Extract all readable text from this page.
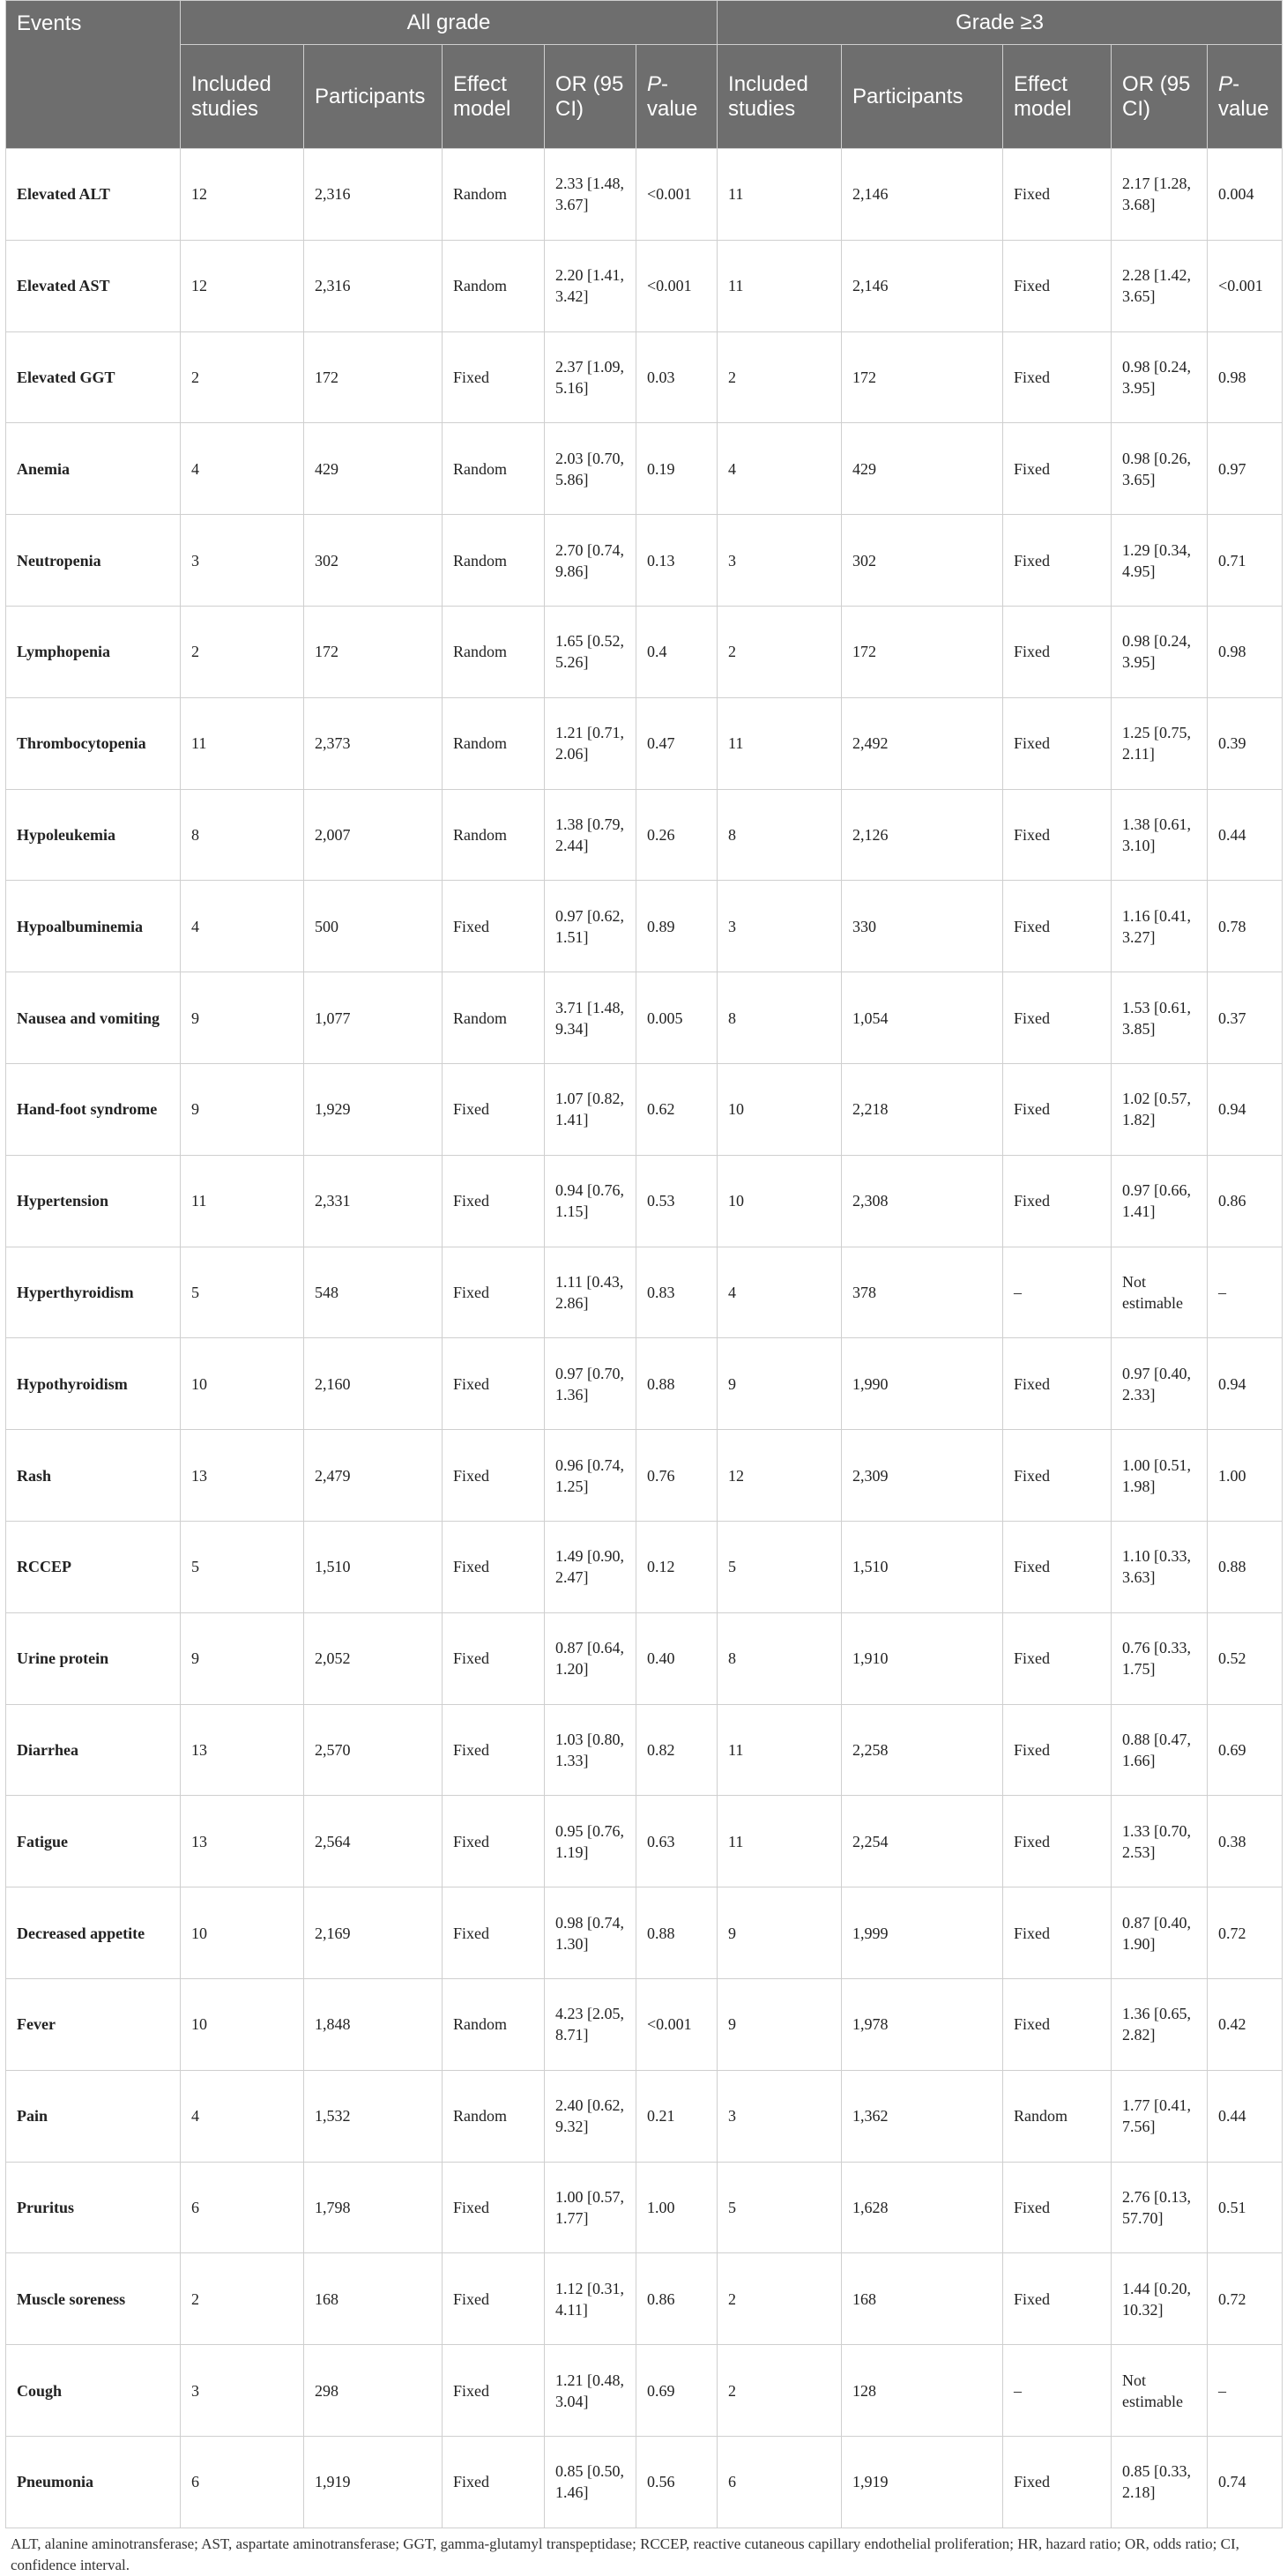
Events	All grade					Grade ≥3				
	Included studies	Participants	Effect model	OR (95 CI)	P-value	Included studies	Participants	Effect model	OR (95 CI)	P-value
Elevated ALT	12	2,316	Random	2.33 [1.48, 3.67]	<0.001	11	2,146	Fixed	2.17 [1.28, 3.68]	0.004
Elevated AST	12	2,316	Random	2.20 [1.41, 3.42]	<0.001	11	2,146	Fixed	2.28 [1.42, 3.65]	<0.001
Elevated GGT	2	172	Fixed	2.37 [1.09, 5.16]	0.03	2	172	Fixed	0.98 [0.24, 3.95]	0.98
Anemia	4	429	Random	2.03 [0.70, 5.86]	0.19	4	429	Fixed	0.98 [0.26, 3.65]	0.97
Neutropenia	3	302	Random	2.70 [0.74, 9.86]	0.13	3	302	Fixed	1.29 [0.34, 4.95]	0.71
Lymphopenia	2	172	Random	1.65 [0.52, 5.26]	0.4	2	172	Fixed	0.98 [0.24, 3.95]	0.98
Thrombocytopenia	11	2,373	Random	1.21 [0.71, 2.06]	0.47	11	2,492	Fixed	1.25 [0.75, 2.11]	0.39
Hypoleukemia	8	2,007	Random	1.38 [0.79, 2.44]	0.26	8	2,126	Fixed	1.38 [0.61, 3.10]	0.44
Hypoalbuminemia	4	500	Fixed	0.97 [0.62, 1.51]	0.89	3	330	Fixed	1.16 [0.41, 3.27]	0.78
Nausea and vomiting	9	1,077	Random	3.71 [1.48, 9.34]	0.005	8	1,054	Fixed	1.53 [0.61, 3.85]	0.37
Hand-foot syndrome	9	1,929	Fixed	1.07 [0.82, 1.41]	0.62	10	2,218	Fixed	1.02 [0.57, 1.82]	0.94
Hypertension	11	2,331	Fixed	0.94 [0.76, 1.15]	0.53	10	2,308	Fixed	0.97 [0.66, 1.41]	0.86
Hyperthyroidism	5	548	Fixed	1.11 [0.43, 2.86]	0.83	4	378	–	Not estimable	–
Hypothyroidism	10	2,160	Fixed	0.97 [0.70, 1.36]	0.88	9	1,990	Fixed	0.97 [0.40, 2.33]	0.94
Rash	13	2,479	Fixed	0.96 [0.74, 1.25]	0.76	12	2,309	Fixed	1.00 [0.51, 1.98]	1.00
RCCEP	5	1,510	Fixed	1.49 [0.90, 2.47]	0.12	5	1,510	Fixed	1.10 [0.33, 3.63]	0.88
Urine protein	9	2,052	Fixed	0.87 [0.64, 1.20]	0.40	8	1,910	Fixed	0.76 [0.33, 1.75]	0.52
Diarrhea	13	2,570	Fixed	1.03 [0.80, 1.33]	0.82	11	2,258	Fixed	0.88 [0.47, 1.66]	0.69
Fatigue	13	2,564	Fixed	0.95 [0.76, 1.19]	0.63	11	2,254	Fixed	1.33 [0.70, 2.53]	0.38
Decreased appetite	10	2,169	Fixed	0.98 [0.74, 1.30]	0.88	9	1,999	Fixed	0.87 [0.40, 1.90]	0.72
Fever	10	1,848	Random	4.23 [2.05, 8.71]	<0.001	9	1,978	Fixed	1.36 [0.65, 2.82]	0.42
Pain	4	1,532	Random	2.40 [0.62, 9.32]	0.21	3	1,362	Random	1.77 [0.41, 7.56]	0.44
Pruritus	6	1,798	Fixed	1.00 [0.57, 1.77]	1.00	5	1,628	Fixed	2.76 [0.13, 57.70]	0.51
Muscle soreness	2	168	Fixed	1.12 [0.31, 4.11]	0.86	2	168	Fixed	1.44 [0.20, 10.32]	0.72
Cough	3	298	Fixed	1.21 [0.48, 3.04]	0.69	2	128	–	Not estimable	–
Pneumonia	6	1,919	Fixed	0.85 [0.50, 1.46]	0.56	6	1,919	Fixed	0.85 [0.33, 2.18]	0.74
ALT, alanine aminotransferase; AST, aspartate aminotransferase; GGT, gamma-glutamyl transpeptidase; RCCEP, reactive cutaneous capillary endothelial proliferation; HR, hazard ratio; OR, odds ratio; CI, confidence interval.
